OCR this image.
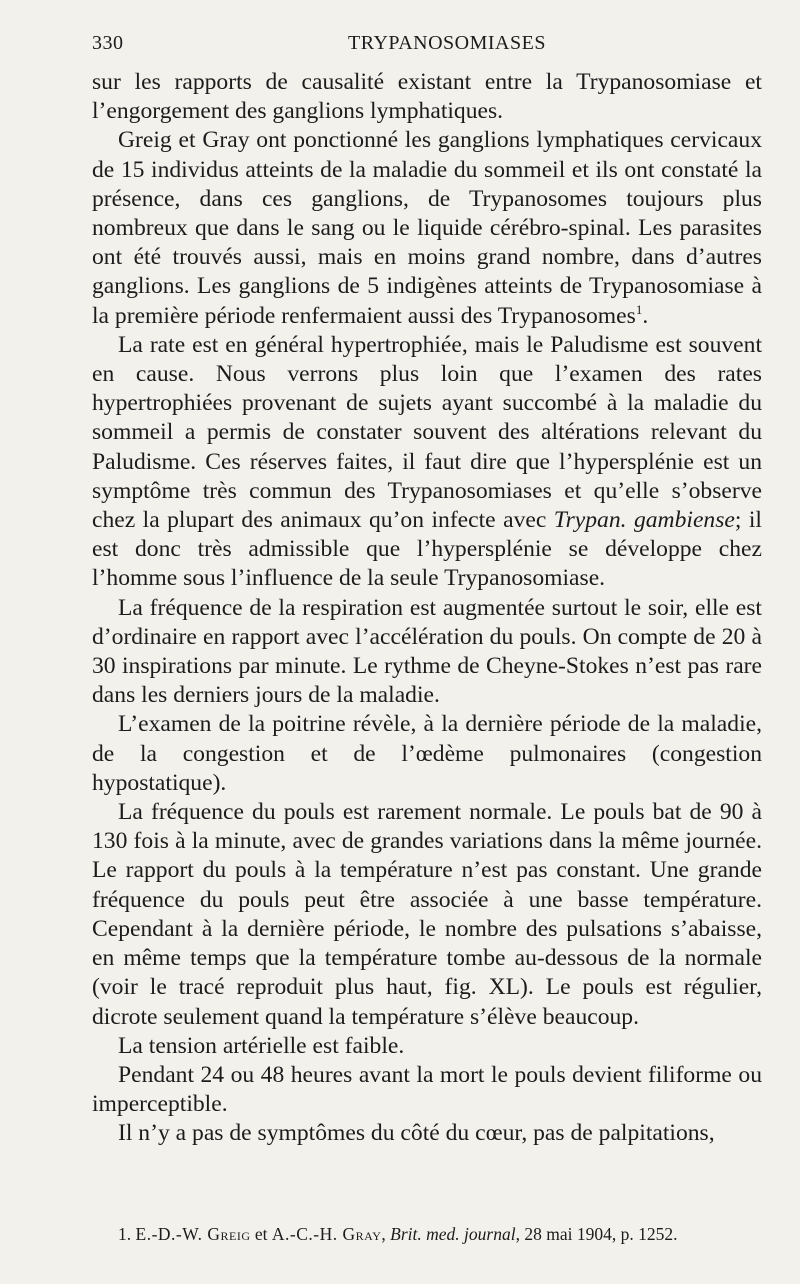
330	TRYPANOSOMIASES

sur les rapports de causalité existant entre la Trypanosomiase et l’engorgement des ganglions lymphatiques.

Greig et Gray ont ponctionné les ganglions lymphatiques cervicaux de 15 individus atteints de la maladie du sommeil et ils ont constaté la présence, dans ces ganglions, de Trypanosomes toujours plus nombreux que dans le sang ou le liquide cérébro-spinal. Les parasites ont été trouvés aussi, mais en moins grand nombre, dans d’autres ganglions. Les ganglions de 5 indigènes atteints de Trypanosomiase à la première période renfermaient aussi des Trypanosomes$^1$.

La rate est en général hypertrophiée, mais le Paludisme est souvent en cause. Nous verrons plus loin que l’examen des rates hypertrophiées provenant de sujets ayant succombé à la maladie du sommeil a permis de constater souvent des altérations relevant du Paludisme. Ces réserves faites, il faut dire que l’hypersplénie est un symptôme très commun des Trypanosomiases et qu’elle s’observe chez la plupart des animaux qu’on infecte avec Trypan. gambiense; il est donc très admissible que l’hypersplénie se développe chez l’homme sous l’influence de la seule Trypanosomiase.

La fréquence de la respiration est augmentée surtout le soir, elle est d’ordinaire en rapport avec l’accélération du pouls. On compte de 20 à 30 inspirations par minute. Le rythme de Cheyne-Stokes n’est pas rare dans les derniers jours de la maladie.

L’examen de la poitrine révèle, à la dernière période de la maladie, de la congestion et de l’œdème pulmonaires (congestion hypostatique).

La fréquence du pouls est rarement normale. Le pouls bat de 90 à 130 fois à la minute, avec de grandes variations dans la même journée. Le rapport du pouls à la température n’est pas constant. Une grande fréquence du pouls peut être associée à une basse température. Cependant à la dernière période, le nombre des pulsations s’abaisse, en même temps que la température tombe au-dessous de la normale (voir le tracé reproduit plus haut, fig. XL). Le pouls est régulier, dicrote seulement quand la température s’élève beaucoup.

La tension artérielle est faible.

Pendant 24 ou 48 heures avant la mort le pouls devient filiforme ou imperceptible.

Il n’y a pas de symptômes du côté du cœur, pas de palpitations,

1. E.-D.-W. Greig et A.-C.-H. Gray, Brit. med. journal, 28 mai 1904, p. 1252.
